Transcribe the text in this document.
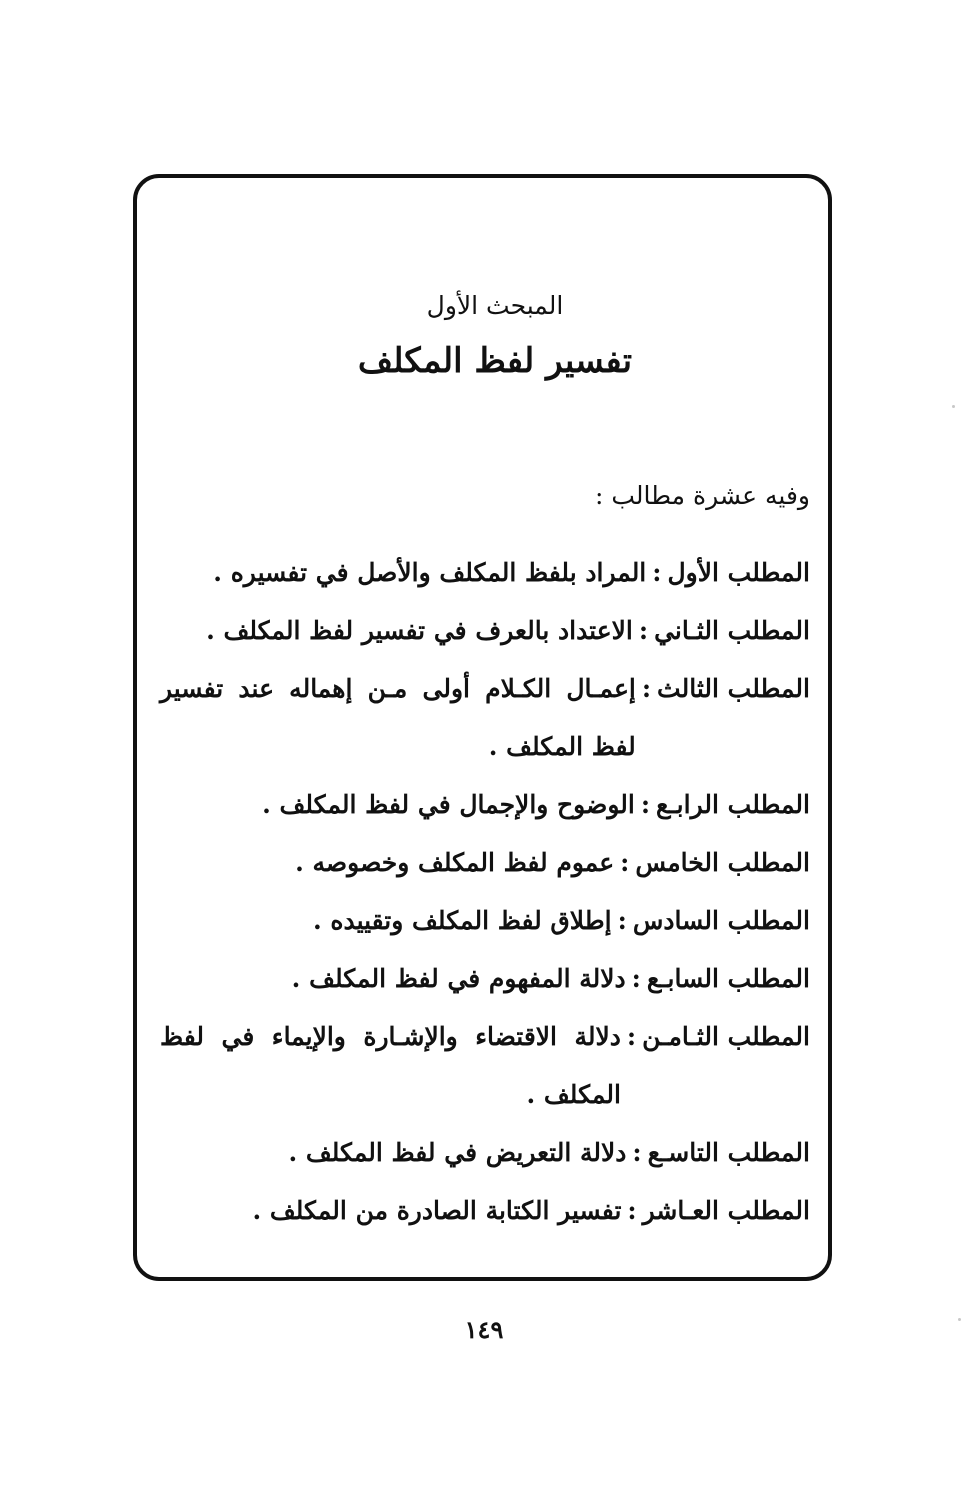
المبحث الأول
تفسير لفظ المكلف
وفيه عشرة مطالب :
المطلب الأول
:
المراد بلفظ المكلف والأصل في تفسيره .
المطلب الثـاني
:
الاعتداد بالعرف في تفسير لفظ المكلف .
المطلب الثالث
:
إعمـال الكـلام أولى مـن إهماله عند تفسير لفظ المكلف .
المطلب الرابـع
:
الوضوح والإجمال في لفظ المكلف .
المطلب الخامس
:
عموم لفظ المكلف وخصوصه .
المطلب السادس
:
إطلاق لفظ المكلف وتقييده .
المطلب السابـع
:
دلالة المفهوم في لفظ المكلف .
المطلب الثـامـن
:
دلالة الاقتضاء والإشـارة والإيماء في لفظ المكلف .
المطلب التاسـع
:
دلالة التعريض في لفظ المكلف .
المطلب العـاشر
:
تفسير الكتابة الصادرة من المكلف .
١٤٩
